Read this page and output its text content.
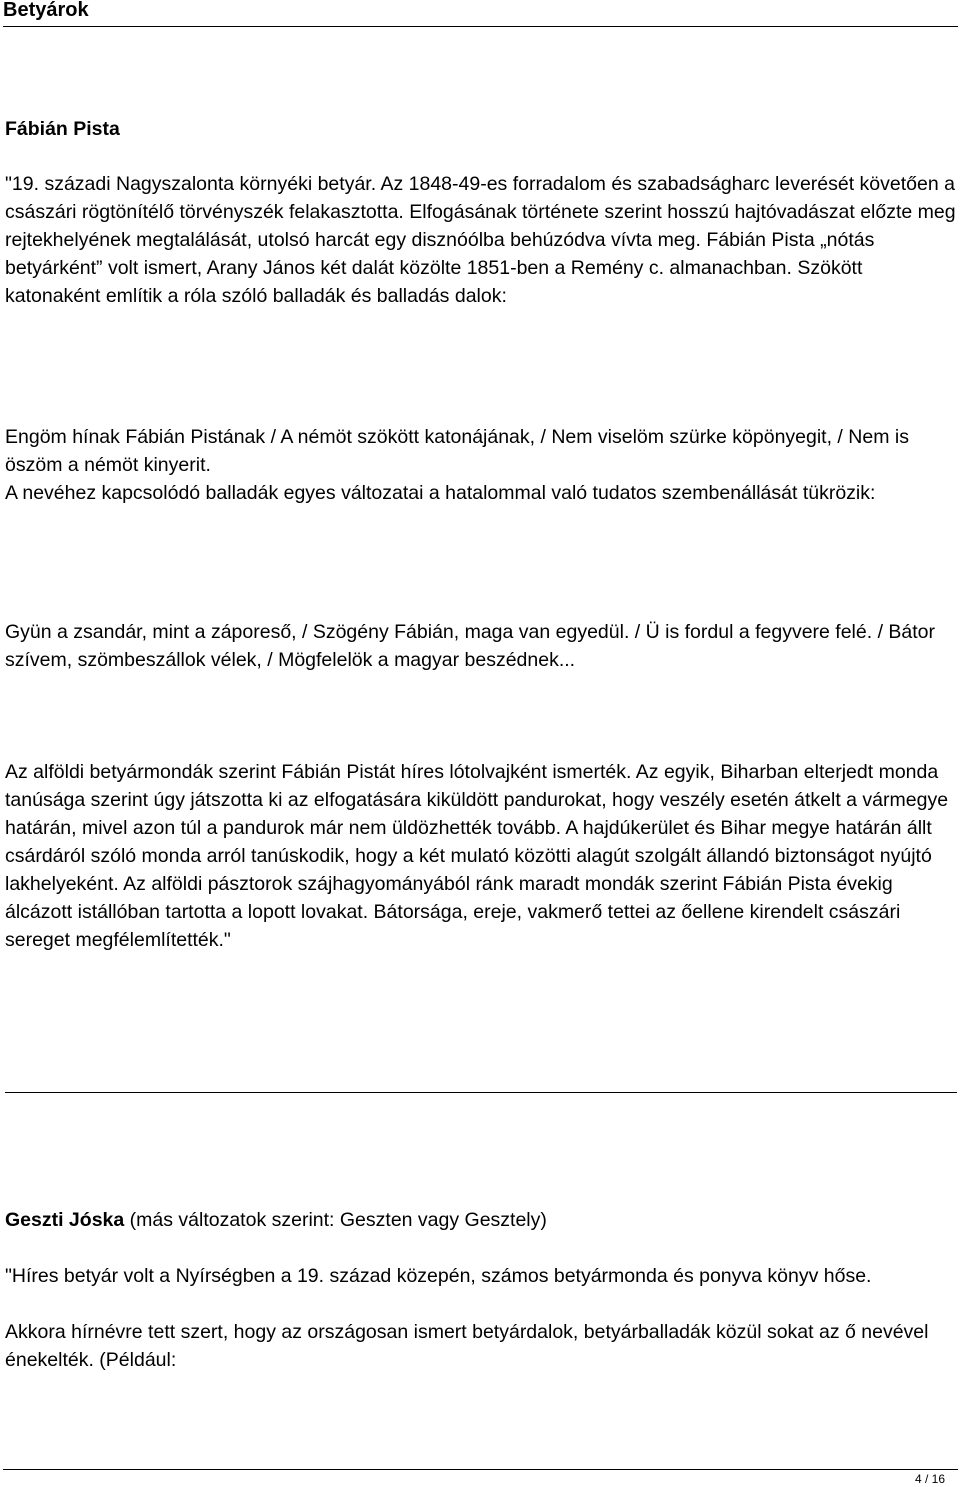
Betyárok
Fábián Pista

"19. századi Nagyszalonta környéki betyár. Az 1848-49-es forradalom és szabadságharc leverését követően a császári rögtönítélő törvényszék felakasztotta. Elfogásának története szerint hosszú hajtóvadászat előzte meg rejtekhelyének megtalálását, utolsó harcát egy disznóólba behúzódva vívta meg. Fábián Pista „nótás betyárként” volt ismert, Arany János két dalát közölte 1851-ben a Remény c. almanachban. Szökött katonaként említik a róla szóló balladák és balladás dalok:

Engöm hínak Fábián Pistának / A némöt szökött katonájának, / Nem viselöm szürke köpönyegit, / Nem is öszöm a némöt kinyerit.

A nevéhez kapcsolódó balladák egyes változatai a hatalommal való tudatos szembenállását tükrözik:

Gyün a zsandár, mint a záporeső, / Szögény Fábián, maga van egyedül. / Ü is fordul a fegyvere felé. / Bátor szívem, szömbeszállok vélek, / Mögfelelök a magyar beszédnek...

Az alföldi betyármondák szerint Fábián Pistát híres lótolvajként ismerték. Az egyik, Biharban elterjedt monda tanúsága szerint úgy játszotta ki az elfogatására kiküldött pandurokat, hogy veszély esetén átkelt a vármegye határán, mivel azon túl a pandurok már nem üldözhették tovább. A hajdúkerület és Bihar megye határán állt csárdáról szóló monda arról tanúskodik, hogy a két mulató közötti alagút szolgált állandó biztonságot nyújtó lakhelyeként. Az alföldi pásztorok szájhagyományából ránk maradt mondák szerint Fábián Pista évekig álcázott istállóban tartotta a lopott lovakat. Bátorsága, ereje, vakmerő tettei az őellene kirendelt császári sereget megfélemlítették."

Geszti Jóska (más változatok szerint: Geszten vagy Gesztely)

"Híres betyár volt a Nyírségben a 19. század közepén, számos betyármonda és ponyva könyv hőse.

Akkora hírnévre tett szert, hogy az országosan ismert betyárdalok, betyárballadák közül sokat az ő nevével énekelték. (Például:

4 / 16
